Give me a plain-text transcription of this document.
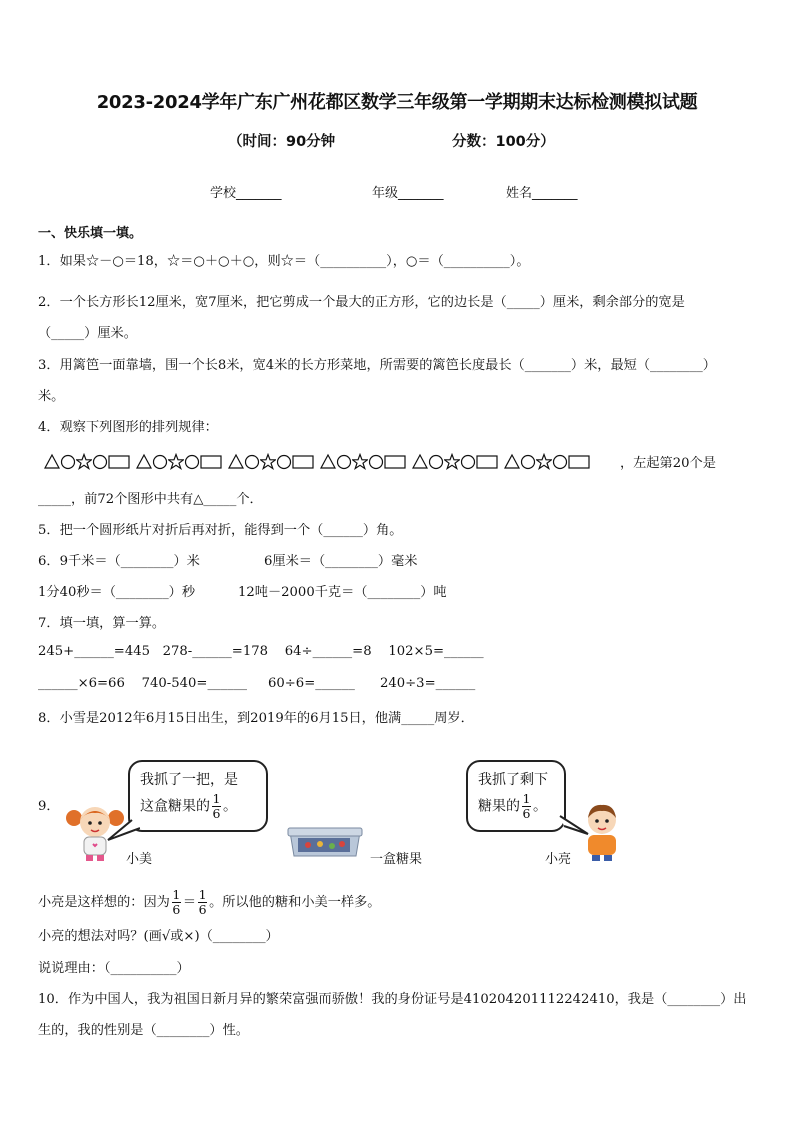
2023-2024学年广东广州花都区数学三年级第一学期期末达标检测模拟试题
（时间：90分钟	分数：100分）
学校_______	年级_______	姓名_______
一、快乐填一填。
1．如果☆－○＝18，☆＝○＋○＋○，则☆＝（__________），○＝（__________）。
2．一个长方形长12厘米，宽7厘米，把它剪成一个最大的正方形，它的边长是（_____）厘米，剩余部分的宽是
（_____）厘米。
3．用篱笆一面靠墙，围一个长8米，宽4米的长方形菜地，所需要的篱笆长度最长（_______）米，最短（________）
米。
4．观察下列图形的排列规律：
，左起第20个是
_____，前72个图形中共有△_____个．
5．把一个圆形纸片对折后再对折，能得到一个（______）角。
6．9千米＝（________）米	6厘米＝（________）毫米
1分40秒＝（________）秒	12吨－2000千克＝（________）吨
7．填一填，算一算。
245+______=445   278-______=178    64÷______=8    102×5=______
______×6=66    740-540=______     60÷6=______      240÷3=______
8．小雪是2012年6月15日出生，到2019年的6月15日，他满_____周岁．
9．
我抓了一把，是
这盒糖果的 $\frac{1}{6}$ 。
我抓了剩下
糖果的 $\frac{1}{6}$ 。
小美	一盒糖果	小亮
小亮是这样想的：因为 $\frac{1}{6} = \frac{1}{6}$ 。所以他的糖和小美一样多。
小亮的想法对吗？(画√或×)（________）
说说理由：（__________）
10．作为中国人，我为祖国日新月异的繁荣富强而骄傲！我的身份证号是410204201112242410，我是（________）出
生的，我的性别是（________）性。
